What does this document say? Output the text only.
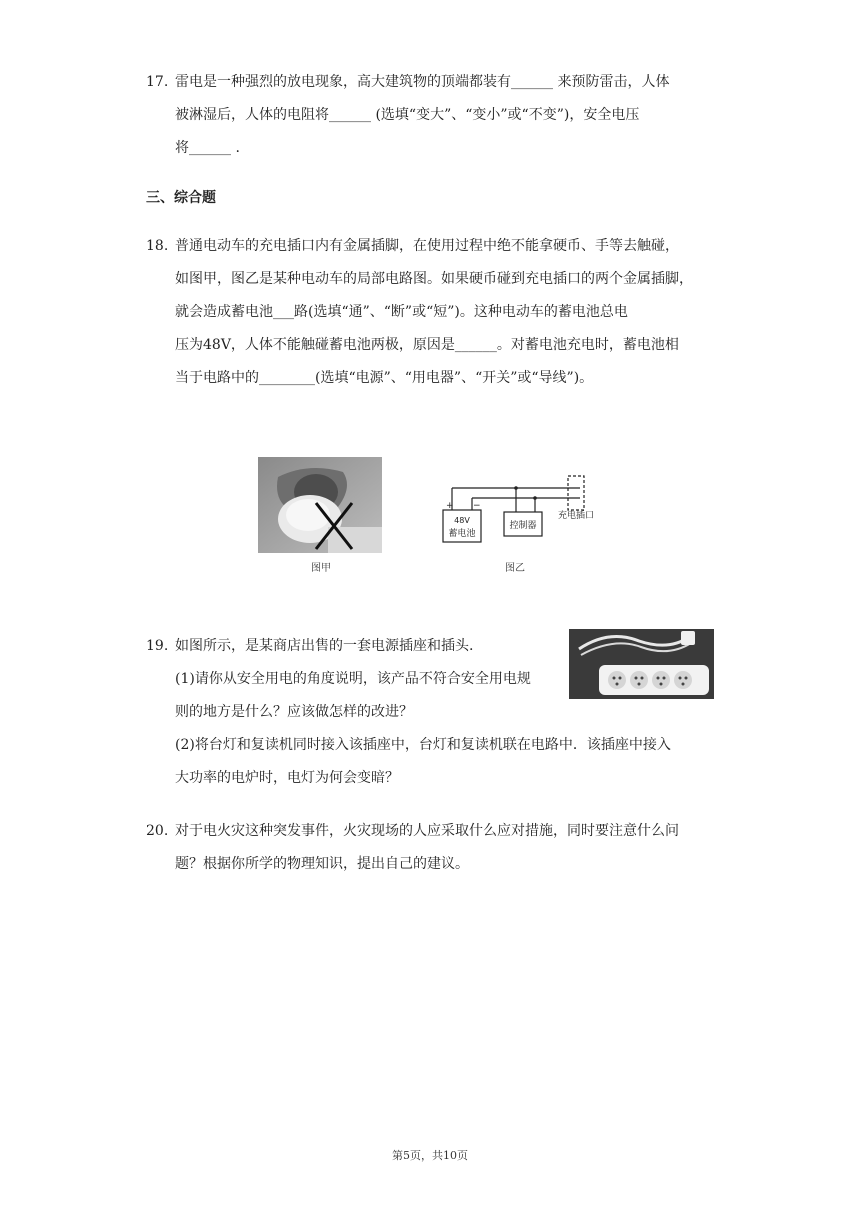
17. 雷电是一种强烈的放电现象，高大建筑物的顶端都装有______ 来预防雷击，人体
被淋湿后，人体的电阻将______ (选填“变大”、“变小”或“不变”)，安全电压
将______ .
三、综合题
18. 普通电动车的充电插口内有金属插脚，在使用过程中绝不能拿硬币、手等去触碰，
如图甲，图乙是某种电动车的局部电路图。如果硬币碰到充电插口的两个金属插脚，
就会造成蓄电池___路(选填“通”、“断”或“短”)。这种电动车的蓄电池总电
压为48V，人体不能触碰蓄电池两极，原因是______。对蓄电池充电时，蓄电池相
当于电路中的________(选填“电源”、“用电器”、“开关”或“导线”)。
图甲
48V
蓄电池
控制器
充电插口
+ −
图乙
19. 如图所示，是某商店出售的一套电源插座和插头.
(1)请你从安全用电的角度说明，该产品不符合安全用电规
则的地方是什么？应该做怎样的改进？
(2)将台灯和复读机同时接入该插座中，台灯和复读机联在电路中．该插座中接入
大功率的电炉时，电灯为何会变暗？
20. 对于电火灾这种突发事件，火灾现场的人应采取什么应对措施，同时要注意什么问
题？根据你所学的物理知识，提出自己的建议。
第5页，共10页
